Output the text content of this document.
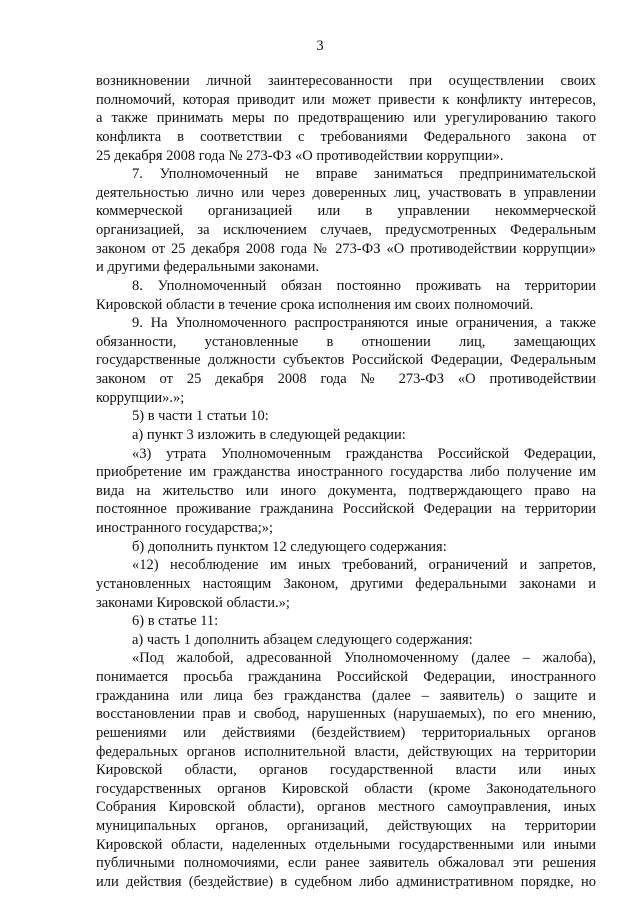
3
возникновении личной заинтересованности при осуществлении своих
полномочий, которая приводит или может привести к конфликту интересов,
а также принимать меры по предотвращению или урегулированию такого
конфликта в соответствии с требованиями Федерального закона от
25 декабря 2008 года № 273-ФЗ «О противодействии коррупции».
7. Уполномоченный не вправе заниматься предпринимательской
деятельностью лично или через доверенных лиц, участвовать в управлении
коммерческой организацией или в управлении некоммерческой
организацией, за исключением случаев, предусмотренных Федеральным
законом от 25 декабря 2008 года № 273-ФЗ «О противодействии коррупции»
и другими федеральными законами.
8. Уполномоченный обязан постоянно проживать на территории
Кировской области в течение срока исполнения им своих полномочий.
9. На Уполномоченного распространяются иные ограничения, а также
обязанности, установленные в отношении лиц, замещающих
государственные должности субъектов Российской Федерации, Федеральным
законом от 25 декабря 2008 года № 273-ФЗ «О противодействии
коррупции».»;
5) в части 1 статьи 10:
а) пункт 3 изложить в следующей редакции:
«3) утрата Уполномоченным гражданства Российской Федерации,
приобретение им гражданства иностранного государства либо получение им
вида на жительство или иного документа, подтверждающего право на
постоянное проживание гражданина Российской Федерации на территории
иностранного государства;»;
б) дополнить пунктом 12 следующего содержания:
«12) несоблюдение им иных требований, ограничений и запретов,
установленных настоящим Законом, другими федеральными законами и
законами Кировской области.»;
6) в статье 11:
а) часть 1 дополнить абзацем следующего содержания:
«Под жалобой, адресованной Уполномоченному (далее – жалоба),
понимается просьба гражданина Российской Федерации, иностранного
гражданина или лица без гражданства (далее – заявитель) о защите и
восстановлении прав и свобод, нарушенных (нарушаемых), по его мнению,
решениями или действиями (бездействием) территориальных органов
федеральных органов исполнительной власти, действующих на территории
Кировской области, органов государственной власти или иных
государственных органов Кировской области (кроме Законодательного
Собрания Кировской области), органов местного самоуправления, иных
муниципальных органов, организаций, действующих на территории
Кировской области, наделенных отдельными государственными или иными
публичными полномочиями, если ранее заявитель обжаловал эти решения
или действия (бездействие) в судебном либо административном порядке, но
